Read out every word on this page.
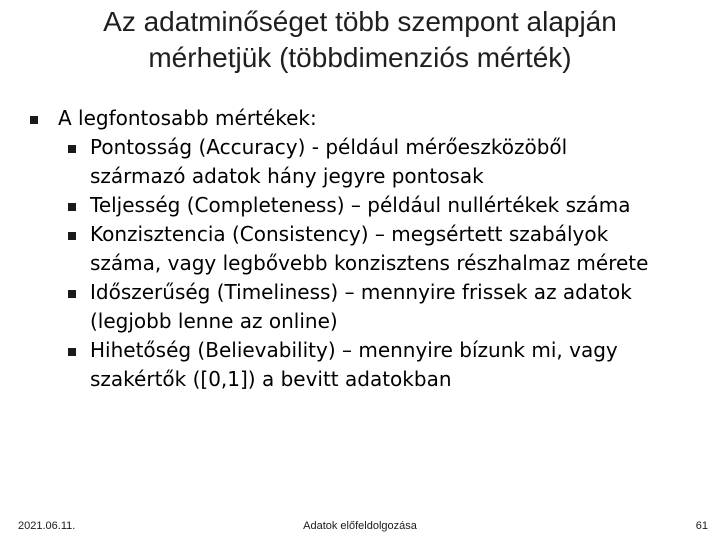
Az adatminőséget több szempont alapján
mérhetjük (többdimenziós mérték)
A legfontosabb mértékek:
Pontosság (Accuracy) - például mérőeszközöből
származó adatok hány jegyre pontosak
Teljesség (Completeness) – például nullértékek száma
Konzisztencia (Consistency) – megsértett szabályok
száma, vagy legbővebb konzisztens részhalmaz mérete
Időszerűség (Timeliness) – mennyire frissek az adatok
(legjobb lenne az online)
Hihetőség (Believability) – mennyire bízunk mi, vagy
szakértők ([0,1]) a bevitt adatokban
2021.06.11.	Adatok előfeldolgozása	61
